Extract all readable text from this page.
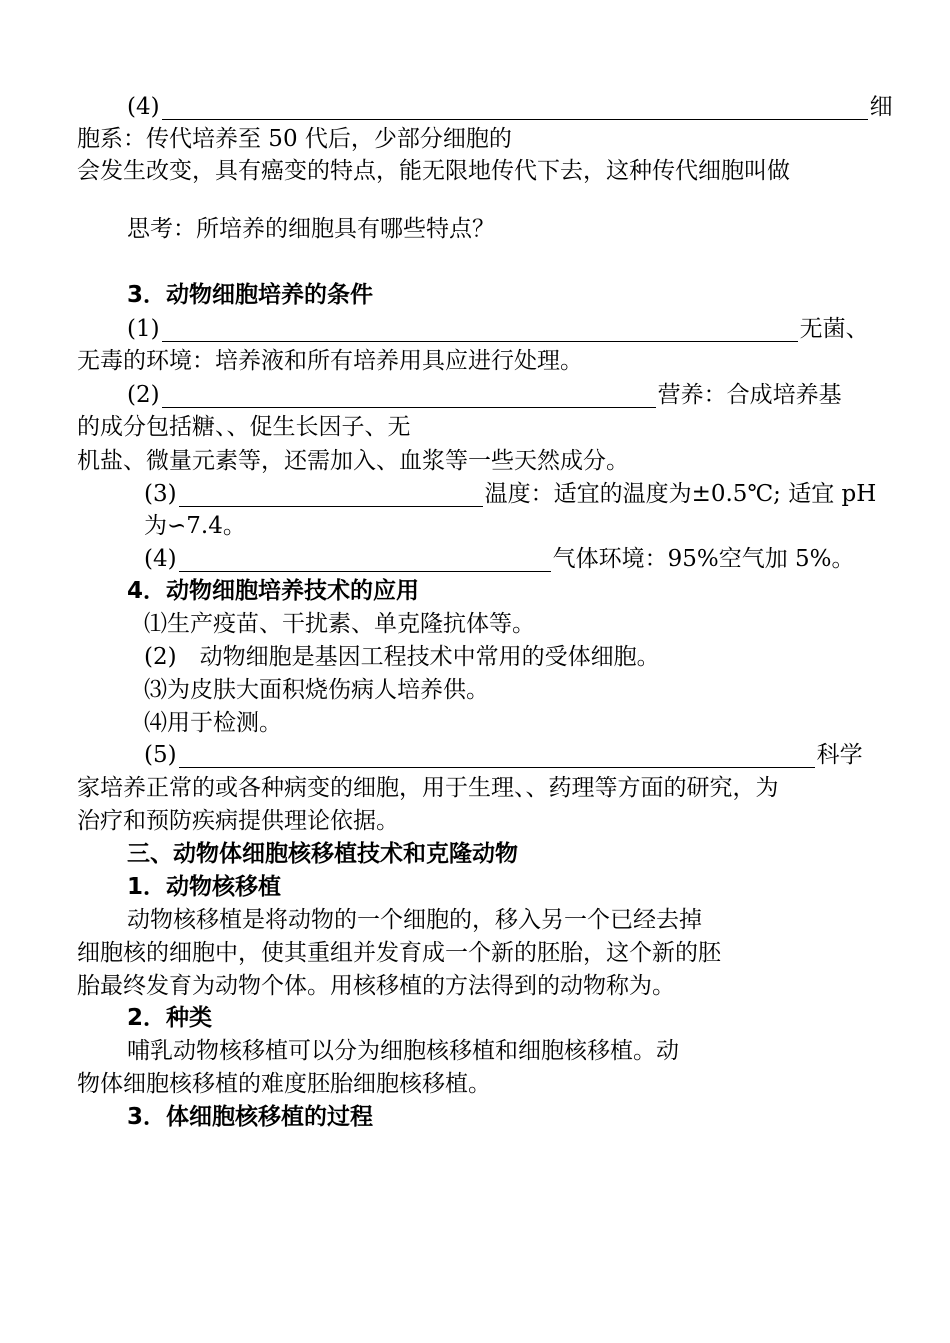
(4)	细
胞系：传代培养至 50 代后，少部分细胞的
会发生改变，具有癌变的特点，能无限地传代下去，这种传代细胞叫做
思考：所培养的细胞具有哪些特点？
3．动物细胞培养的条件
(1)	无菌、
无毒的环境：培养液和所有培养用具应进行处理。
(2)	营养：合成培养基
的成分包括糖、、促生长因子、无
机盐、微量元素等，还需加入、血浆等一些天然成分。
(3)	温度：适宜的温度为±0.5℃; 适宜 pH
为∽7.4。
(4)	气体环境：95%空气加 5%。
4．动物细胞培养技术的应用
⑴生产疫苗、干扰素、单克隆抗体等。
(2)　动物细胞是基因工程技术中常用的受体细胞。
⑶为皮肤大面积烧伤病人培养供。
⑷用于检测。
(5)	科学
家培养正常的或各种病变的细胞，用于生理、、药理等方面的研究，为
治疗和预防疾病提供理论依据。
三、动物体细胞核移植技术和克隆动物
1．动物核移植
动物核移植是将动物的一个细胞的，移入另一个已经去掉
细胞核的细胞中，使其重组并发育成一个新的胚胎，这个新的胚
胎最终发育为动物个体。用核移植的方法得到的动物称为。
2．种类
哺乳动物核移植可以分为细胞核移植和细胞核移植。动
物体细胞核移植的难度胚胎细胞核移植。
3．体细胞核移植的过程
